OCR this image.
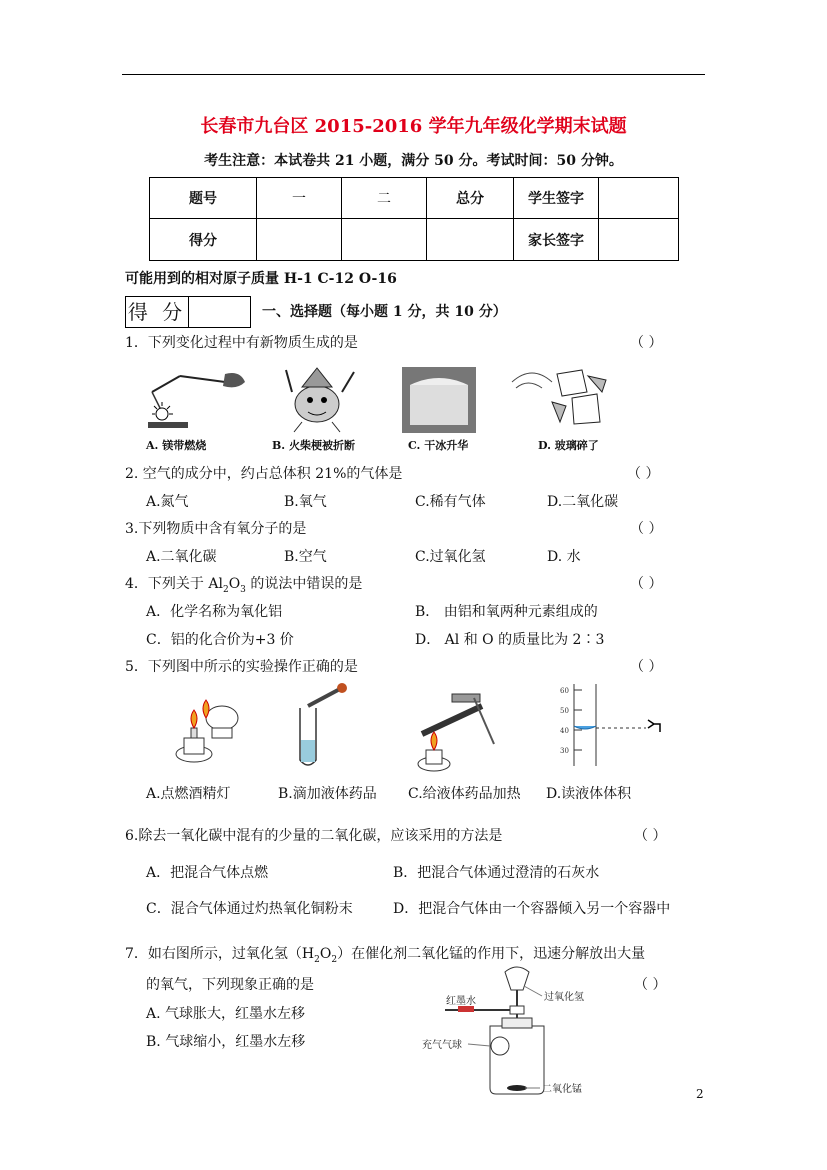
长春市九台区 2015-2016 学年九年级化学期末试题
考生注意：本试卷共 21 小题，满分 50 分。考试时间：50 分钟。
题号	一	二	总分	学生签字	
得分				家长签字	
可能用到的相对原子质量 H-1 C-12 O-16
得 分	一、选择题（每小题 1 分，共 10 分）
1．下列变化过程中有新物质生成的是	（ ）
A. 镁带燃烧	B. 火柴梗被折断	C. 干冰升华	D. 玻璃碎了
2. 空气的成分中，约占总体积 21%的气体是	（ ）
A.氮气	B.氧气	C.稀有气体	D.二氧化碳
3.下列物质中含有氧分子的是	（ ）
A.二氧化碳	B.空气	C.过氧化氢	D. 水
4．下列关于 $Al_2O_3$ 的说法中错误的是	（ ）
A．化学名称为氧化铝	B． 由铝和氧两种元素组成的
C．铝的化合价为+3 价	D． Al 和 O 的质量比为 2∶3
5．下列图中所示的实验操作正确的是	（ ）
60
50
40
30
A.点燃酒精灯	B.滴加液体药品 C.给液体药品加热 D.读液体体积
6.除去一氧化碳中混有的少量的二氧化碳，应该采用的方法是	（ ）
A．把混合气体点燃	B．把混合气体通过澄清的石灰水
C．混合气体通过灼热氧化铜粉末	D．把混合气体由一个容器倾入另一个容器中
7．如右图所示，过氧化氢$(H_2O_2)$在催化剂二氧化锰的作用下，迅速分解放出大量
的氧气，下列现象正确的是	（ ）
A. 气球胀大，红墨水左移
B. 气球缩小，红墨水左移
红墨水	过氧化氢
充气气球
二氧化锰	2
